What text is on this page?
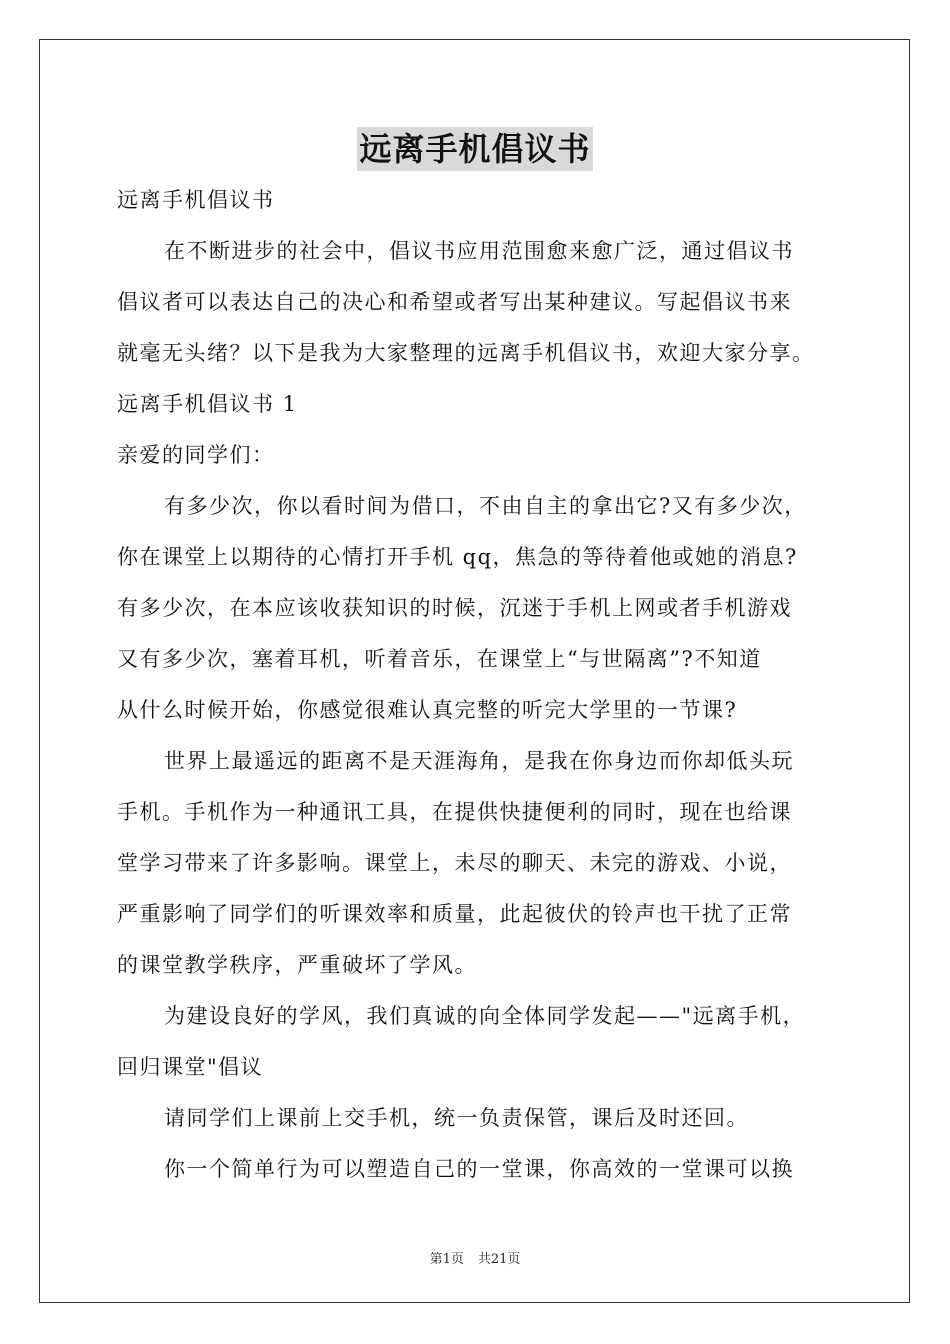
远离手机倡议书
远离手机倡议书
在不断进步的社会中，倡议书应用范围愈来愈广泛，通过倡议书
倡议者可以表达自己的决心和希望或者写出某种建议。写起倡议书来
就毫无头绪？以下是我为大家整理的远离手机倡议书，欢迎大家分享。
远离手机倡议书 1
亲爱的同学们：
有多少次，你以看时间为借口，不由自主的拿出它?又有多少次，
你在课堂上以期待的心情打开手机 qq，焦急的等待着他或她的消息?
有多少次，在本应该收获知识的时候，沉迷于手机上网或者手机游戏
又有多少次，塞着耳机，听着音乐，在课堂上“与世隔离”?不知道
从什么时候开始，你感觉很难认真完整的听完大学里的一节课?
世界上最遥远的距离不是天涯海角，是我在你身边而你却低头玩
手机。手机作为一种通讯工具，在提供快捷便利的同时，现在也给课
堂学习带来了许多影响。课堂上，未尽的聊天、未完的游戏、小说，
严重影响了同学们的听课效率和质量，此起彼伏的铃声也干扰了正常
的课堂教学秩序，严重破坏了学风。
为建设良好的学风，我们真诚的向全体同学发起——"远离手机，
回归课堂"倡议
请同学们上课前上交手机，统一负责保管，课后及时还回。
你一个简单行为可以塑造自己的一堂课，你高效的一堂课可以换
第1页 共21页
